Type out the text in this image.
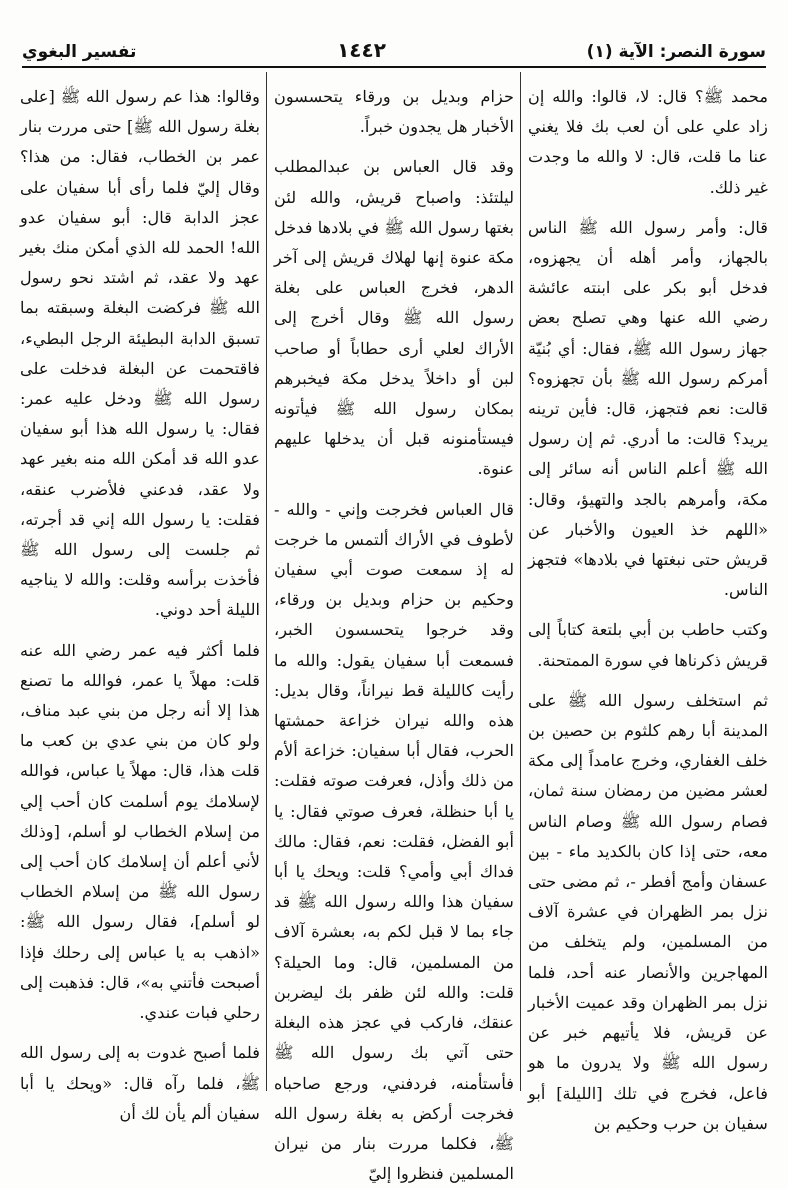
سورة النصر: الآية (١)
١٤٤٢
تفسير البغوي

محمد ﷺ؟ قال: لا، قالوا: والله إن زاد علي على أن لعب بك فلا يغني عنا ما قلت، قال: لا والله ما وجدت غير ذلك.

قال: وأمر رسول الله ﷺ الناس بالجهاز، وأمر أهله أن يجهزوه، فدخل أبو بكر على ابنته عائشة رضي الله عنها وهي تصلح بعض جهاز رسول الله ﷺ، فقال: أي بُنيّة أمركم رسول الله ﷺ بأن تجهزوه؟ قالت: نعم فتجهز، قال: فأين ترينه يريد؟ قالت: ما أدري. ثم إن رسول الله ﷺ أعلم الناس أنه سائر إلى مكة، وأمرهم بالجد والتهيؤ، وقال: «اللهم خذ العيون والأخبار عن قريش حتى نبغتها في بلادها» فتجهز الناس.

وكتب حاطب بن أبي بلتعة كتاباً إلى قريش ذكرناها في سورة الممتحنة.

ثم استخلف رسول الله ﷺ على المدينة أبا رهم كلثوم بن حصين بن خلف الغفاري، وخرج عامداً إلى مكة لعشر مضين من رمضان سنة ثمان، فصام رسول الله ﷺ وصام الناس معه، حتى إذا كان بالكديد ماء - بين عسفان وأمج أفطر -، ثم مضى حتى نزل بمر الظهران في عشرة آلاف من المسلمين، ولم يتخلف من المهاجرين والأنصار عنه أحد، فلما نزل بمر الظهران وقد عميت الأخبار عن قريش، فلا يأتيهم خبر عن رسول الله ﷺ ولا يدرون ما هو فاعل، فخرج في تلك [الليلة] أبو سفيان بن حرب وحكيم بن

حزام وبديل بن ورقاء يتحسسون الأخبار هل يجدون خبراً.

وقد قال العباس بن عبدالمطلب ليلتئذ: واصباح قريش، والله لئن بغتها رسول الله ﷺ في بلادها فدخل مكة عنوة إنها لهلاك قريش إلى آخر الدهر، فخرج العباس على بغلة رسول الله ﷺ وقال أخرج إلى الأراك لعلي أرى حطاباً أو صاحب لبن أو داخلاً يدخل مكة فيخبرهم بمكان رسول الله ﷺ فيأتونه فيستأمنونه قبل أن يدخلها عليهم عنوة.

قال العباس فخرجت وإني - والله - لأطوف في الأراك ألتمس ما خرجت له إذ سمعت صوت أبي سفيان وحكيم بن حزام وبديل بن ورقاء، وقد خرجوا يتحسسون الخبر، فسمعت أبا سفيان يقول: والله ما رأيت كالليلة قط نيراناً، وقال بديل: هذه والله نيران خزاعة حمشتها الحرب، فقال أبا سفيان: خزاعة ألأم من ذلك وأذل، فعرفت صوته فقلت: يا أبا حنظلة، فعرف صوتي فقال: يا أبو الفضل، فقلت: نعم، فقال: مالك فداك أبي وأمي؟ قلت: ويحك يا أبا سفيان هذا والله رسول الله ﷺ قد جاء بما لا قبل لكم به، بعشرة آلاف من المسلمين، قال: وما الحيلة؟ قلت: والله لئن ظفر بك ليضربن عنقك، فاركب في عجز هذه البغلة حتى آتي بك رسول الله ﷺ فأستأمنه، فردفني، ورجع صاحباه فخرجت أركض به بغلة رسول الله ﷺ، فكلما مررت بنار من نيران المسلمين فنظروا إليّ

وقالوا: هذا عم رسول الله ﷺ [على بغلة رسول الله ﷺ] حتى مررت بنار عمر بن الخطاب، فقال: من هذا؟ وقال إليّ فلما رأى أبا سفيان على عجز الدابة قال: أبو سفيان عدو الله! الحمد لله الذي أمكن منك بغير عهد ولا عقد، ثم اشتد نحو رسول الله ﷺ فركضت البغلة وسبقته بما تسبق الدابة البطيئة الرجل البطيء، فاقتحمت عن البغلة فدخلت على رسول الله ﷺ ودخل عليه عمر: فقال: يا رسول الله هذا أبو سفيان عدو الله قد أمكن الله منه بغير عهد ولا عقد، فدعني فلأضرب عنقه، فقلت: يا رسول الله إني قد أجرته، ثم جلست إلى رسول الله ﷺ فأخذت برأسه وقلت: والله لا يناجيه الليلة أحد دوني.

فلما أكثر فيه عمر رضي الله عنه قلت: مهلاً يا عمر، فوالله ما تصنع هذا إلا أنه رجل من بني عبد مناف، ولو كان من بني عدي بن كعب ما قلت هذا، قال: مهلاً يا عباس، فوالله لإسلامك يوم أسلمت كان أحب إلي من إسلام الخطاب لو أسلم، [وذلك لأني أعلم أن إسلامك كان أحب إلى رسول الله ﷺ من إسلام الخطاب لو أسلم]، فقال رسول الله ﷺ: «اذهب به يا عباس إلى رحلك فإذا أصبحت فأتني به»، قال: فذهبت إلى رحلي فبات عندي.

فلما أصبح غدوت به إلى رسول الله ﷺ، فلما رآه قال: «ويحك يا أبا سفيان ألم يأن لك أن
